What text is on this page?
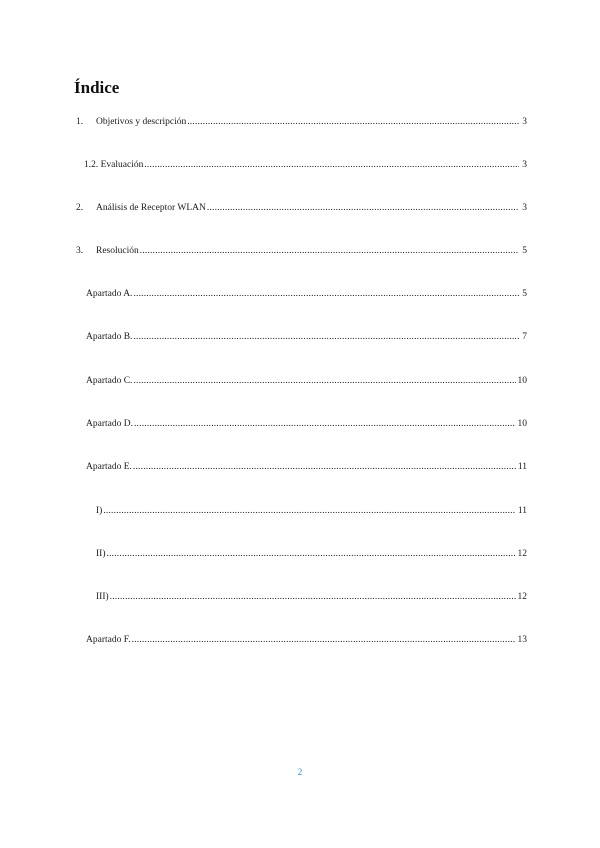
Índice
1.	Objetivos y descripción .....	3
1.2. Evaluación .....	3
2.	Análisis de Receptor WLAN .....	3
3.	Resolución .....	5
Apartado A. .....	5
Apartado B. .....	7
Apartado C. .....	10
Apartado D. .....	10
Apartado E. .....	11
I) .....	11
II) .....	12
III) .....	12
Apartado F. .....	13
2
